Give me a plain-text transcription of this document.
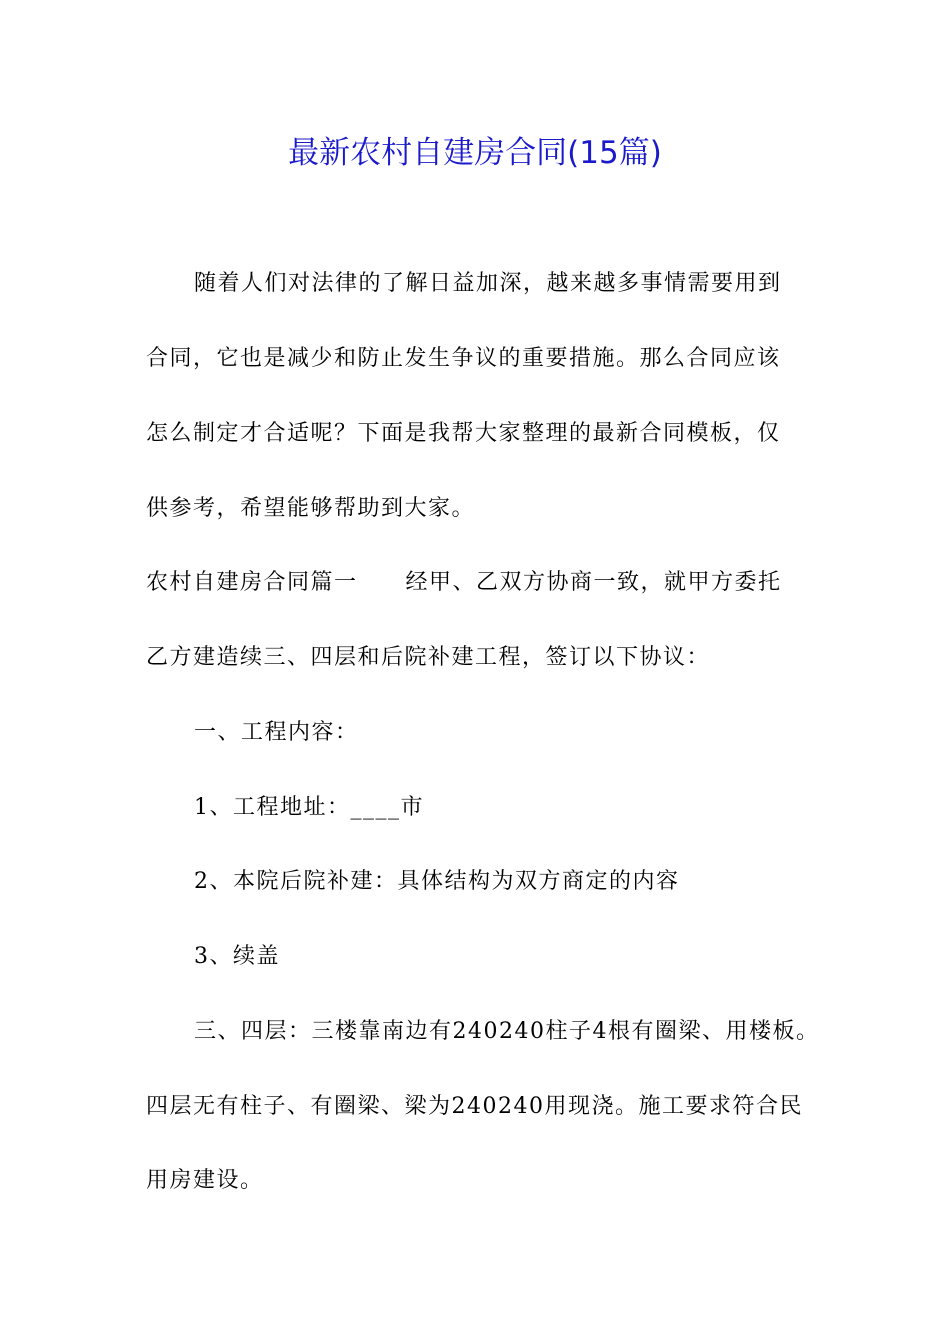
最新农村自建房合同(15篇)
随着人们对法律的了解日益加深，越来越多事情需要用到
合同，它也是减少和防止发生争议的重要措施。那么合同应该
怎么制定才合适呢？下面是我帮大家整理的最新合同模板，仅
供参考，希望能够帮助到大家。
农村自建房合同篇一 经甲、乙双方协商一致，就甲方委托
乙方建造续三、四层和后院补建工程，签订以下协议：
一、工程内容：
1、工程地址：____市
2、本院后院补建：具体结构为双方商定的内容
3、续盖
三、四层：三楼靠南边有240240柱子4根有圈梁、用楼板。
四层无有柱子、有圈梁、梁为240240用现浇。施工要求符合民
用房建设。
